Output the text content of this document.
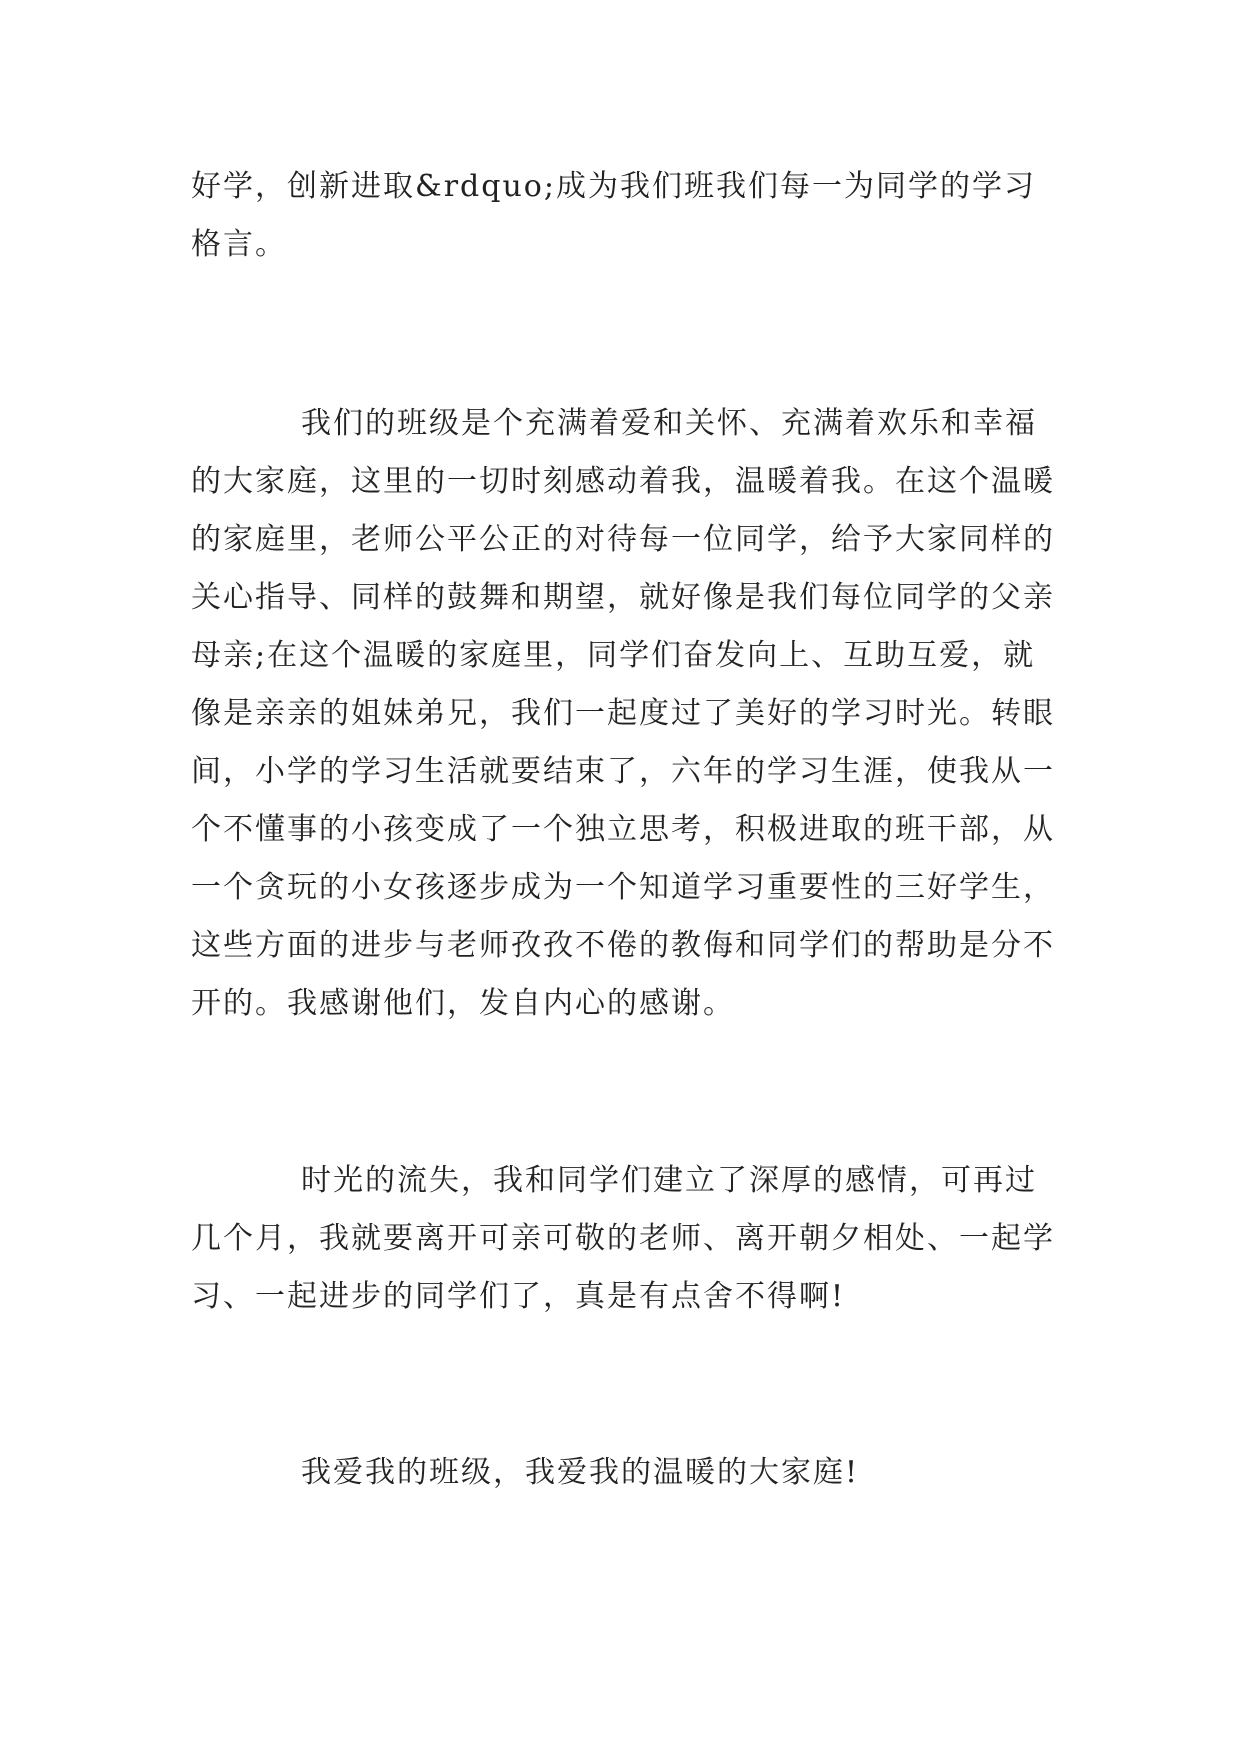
好学，创新进取&rdquo;成为我们班我们每一为同学的学习格言。

我们的班级是个充满着爱和关怀、充满着欢乐和幸福的大家庭，这里的一切时刻感动着我，温暖着我。在这个温暖的家庭里，老师公平公正的对待每一位同学，给予大家同样的关心指导、同样的鼓舞和期望，就好像是我们每位同学的父亲母亲;在这个温暖的家庭里，同学们奋发向上、互助互爱，就像是亲亲的姐妹弟兄，我们一起度过了美好的学习时光。转眼间，小学的学习生活就要结束了，六年的学习生涯，使我从一个不懂事的小孩变成了一个独立思考，积极进取的班干部，从一个贪玩的小女孩逐步成为一个知道学习重要性的三好学生，这些方面的进步与老师孜孜不倦的教侮和同学们的帮助是分不开的。我感谢他们，发自内心的感谢。

时光的流失，我和同学们建立了深厚的感情，可再过几个月，我就要离开可亲可敬的老师、离开朝夕相处、一起学习、一起进步的同学们了，真是有点舍不得啊!

我爱我的班级，我爱我的温暖的大家庭!
